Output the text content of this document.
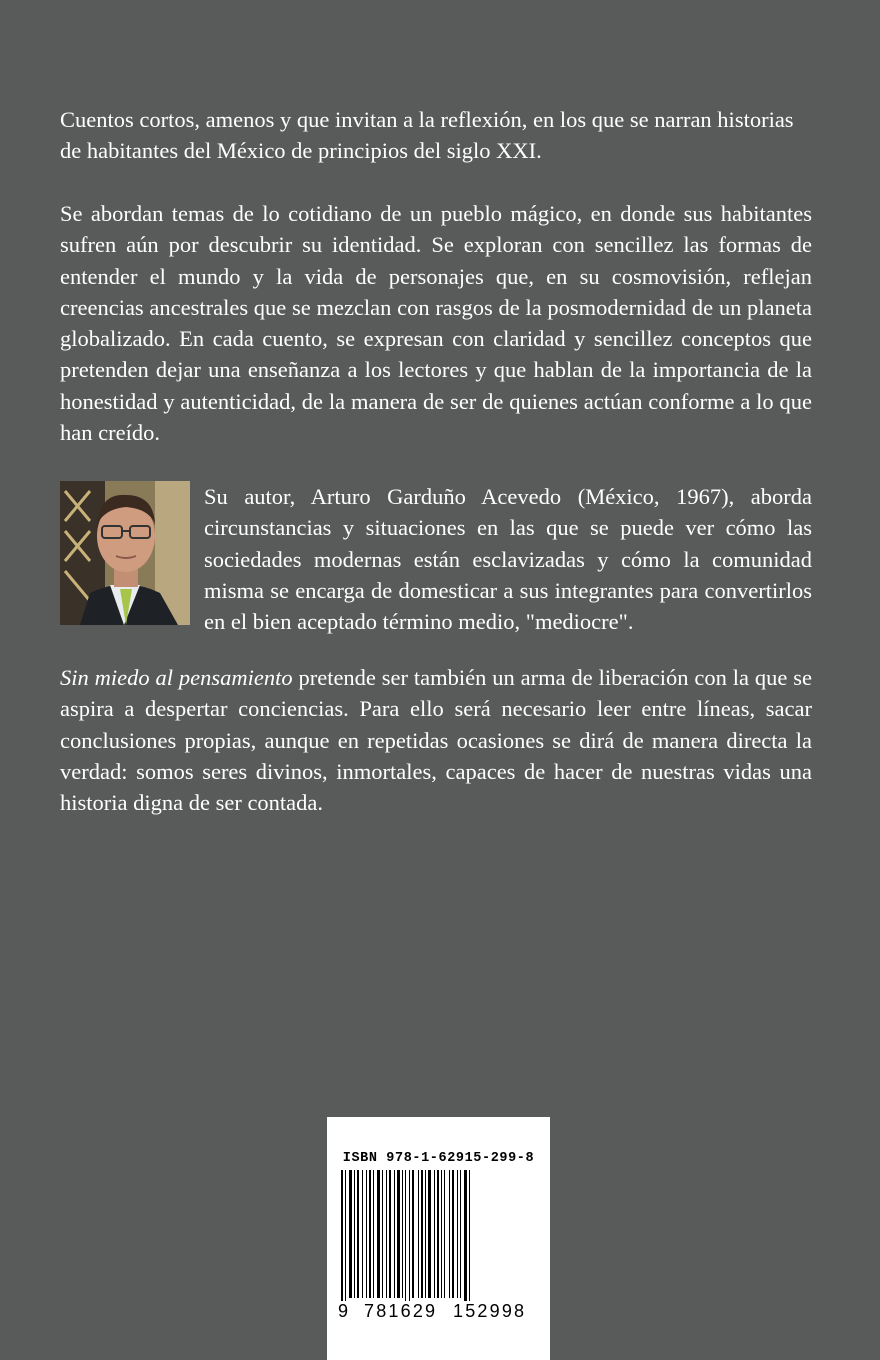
Cuentos cortos, amenos y que invitan a la reflexión, en los que se narran historias de habitantes del México de principios del siglo XXI.

Se abordan temas de lo cotidiano de un pueblo mágico, en donde sus habitantes sufren aún por descubrir su identidad. Se exploran con sencillez las formas de entender el mundo y la vida de personajes que, en su cosmovisión, reflejan creencias ancestrales que se mezclan con rasgos de la posmodernidad de un planeta globalizado. En cada cuento, se expresan con claridad y sencillez conceptos que pretenden dejar una enseñanza a los lectores y que hablan de la importancia de la honestidad y autenticidad, de la manera de ser de quienes actúan conforme a lo que han creído.

Su autor, Arturo Garduño Acevedo (México, 1967), aborda circunstancias y situaciones en las que se puede ver cómo las sociedades modernas están esclavizadas y cómo la comunidad misma se encarga de domesticar a sus integrantes para convertirlos en el bien aceptado término medio, "mediocre".

Sin miedo al pensamiento pretende ser también un arma de liberación con la que se aspira a despertar conciencias. Para ello será necesario leer entre líneas, sacar conclusiones propias, aunque en repetidas ocasiones se dirá de manera directa la verdad: somos seres divinos, inmortales, capaces de hacer de nuestras vidas una historia digna de ser contada.

ISBN 978-1-62915-299-8
9 781629 152998
